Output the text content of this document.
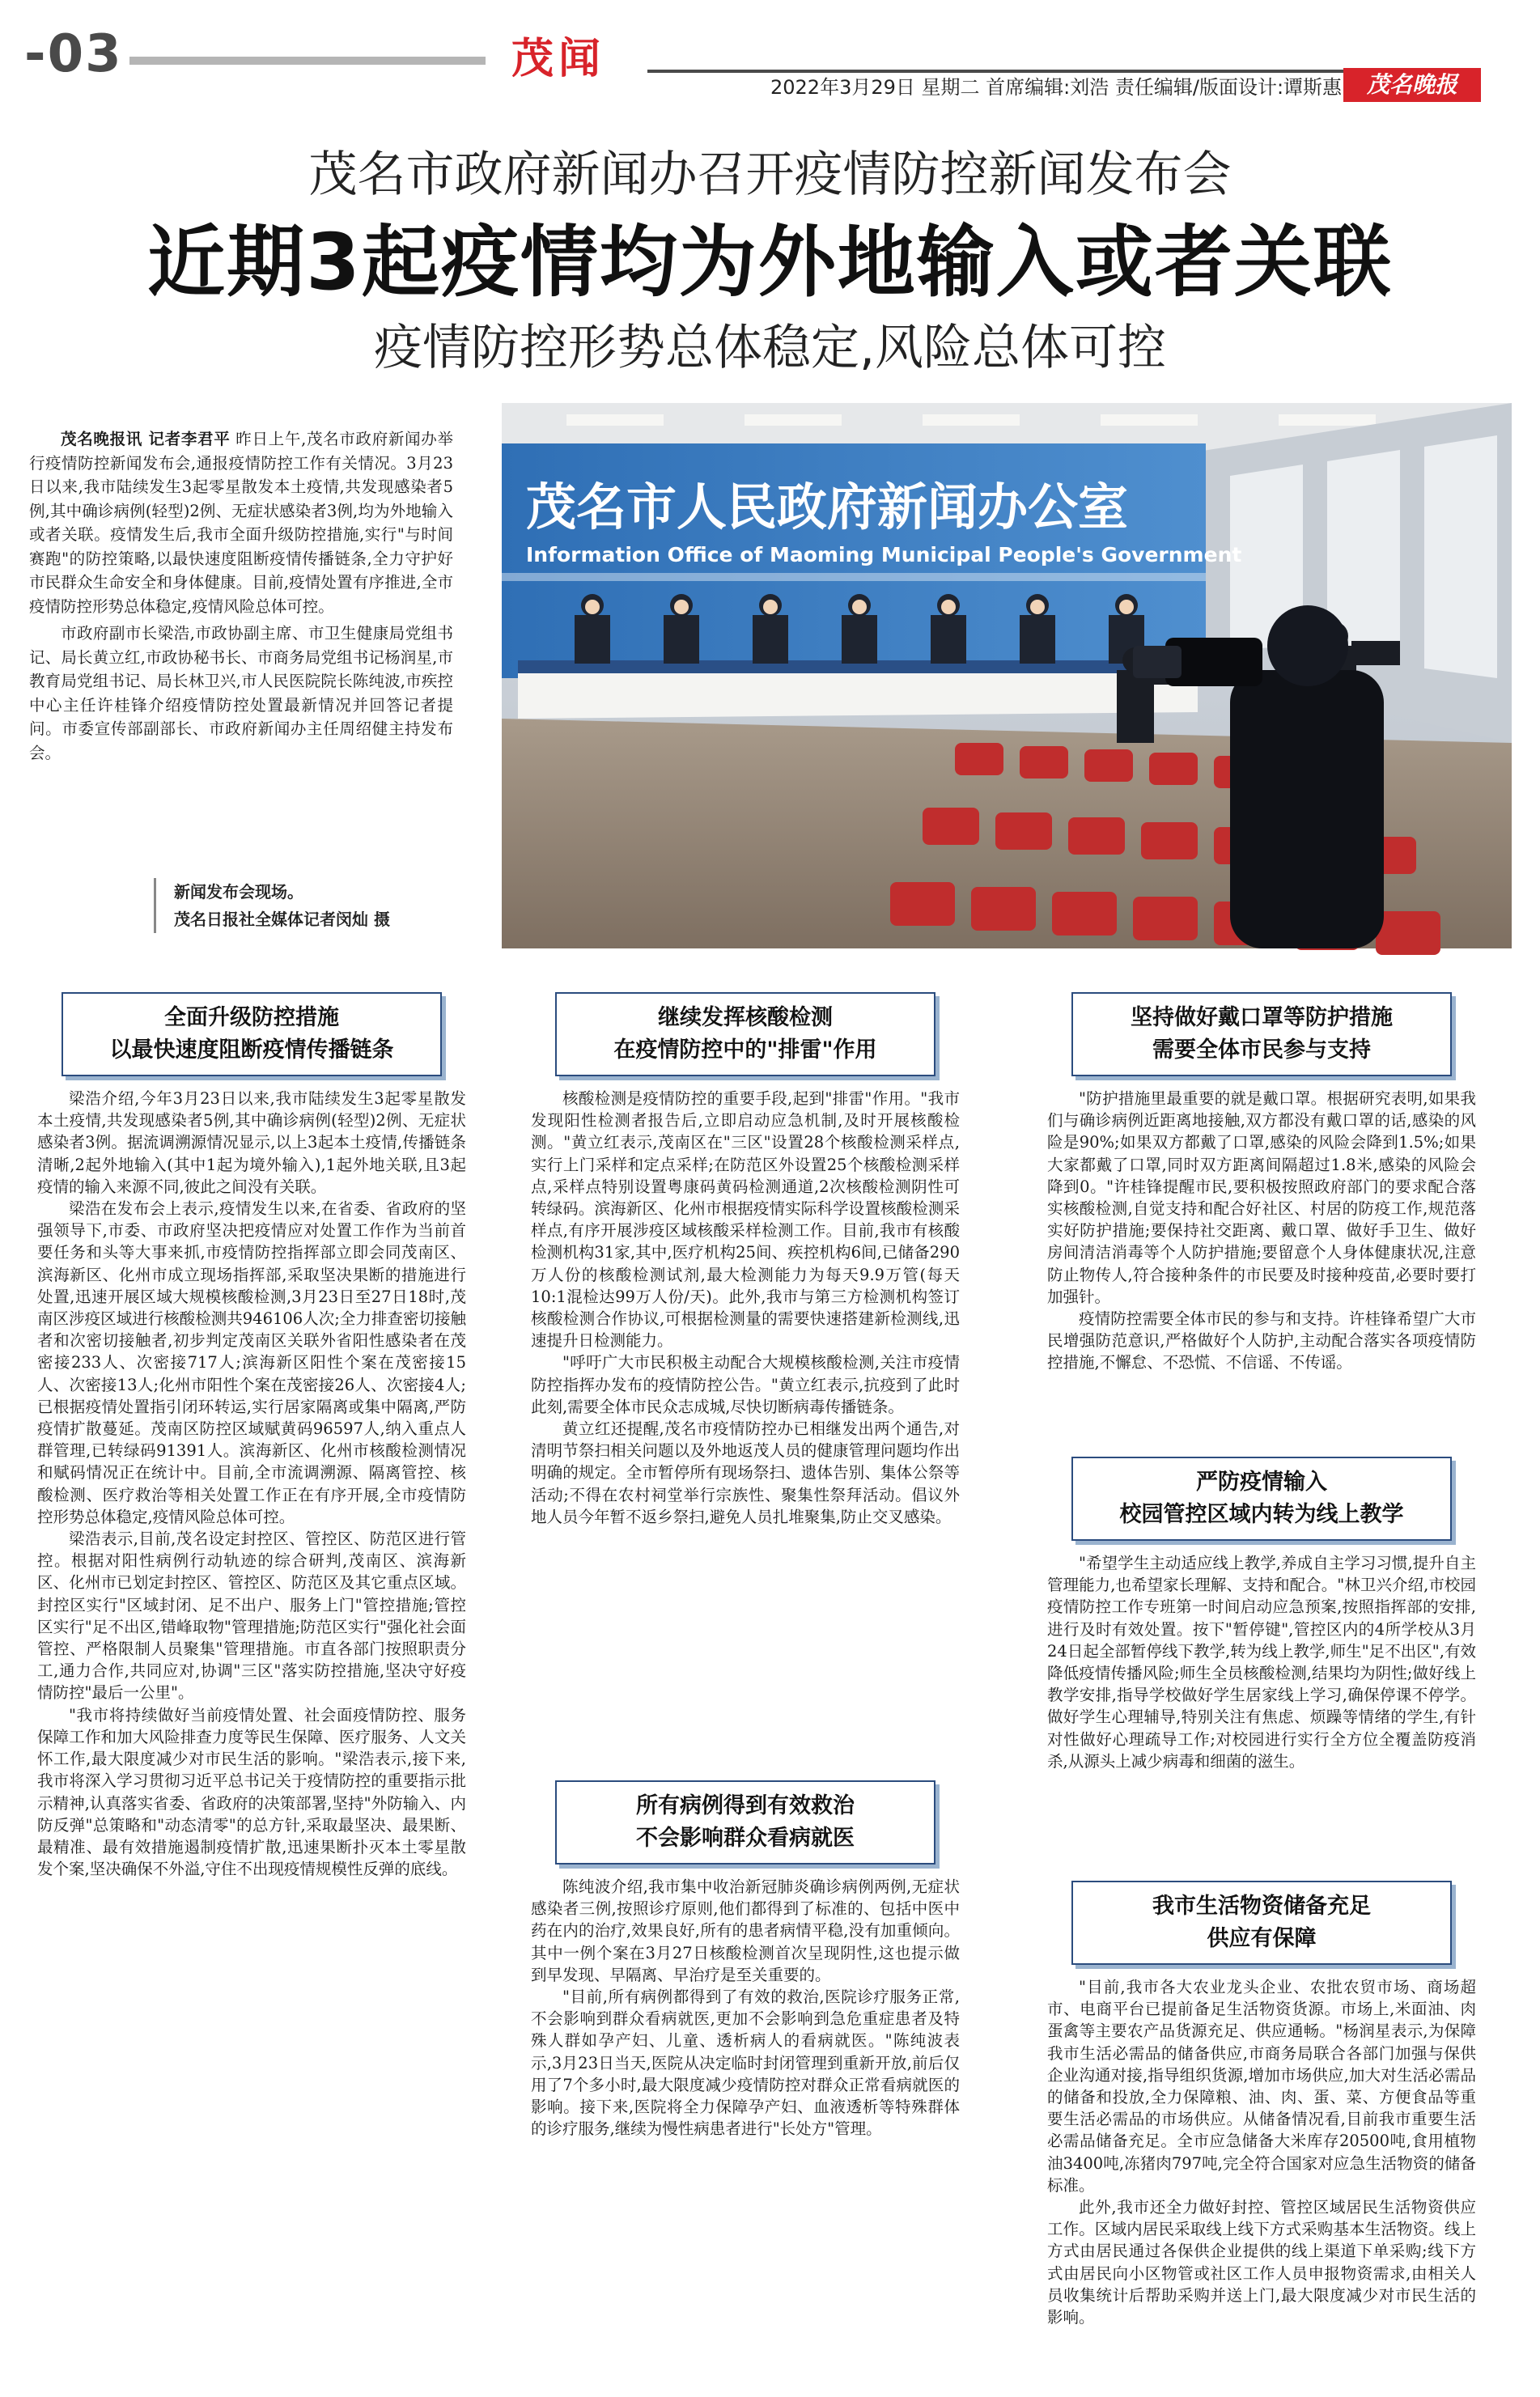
-03	茂闻
2022年3月29日 星期二 首席编辑:刘浩 责任编辑/版面设计:谭斯惠	茂名晚报
茂名市政府新闻办召开疫情防控新闻发布会
近期3起疫情均为外地输入或者关联
疫情防控形势总体稳定,风险总体可控

茂名晚报讯 记者李君平 昨日上午,茂名市政府新闻办举行疫情防控新闻发布会,通报疫情防控工作有关情况。3月23日以来,我市陆续发生3起零星散发本土疫情,共发现感染者5例,其中确诊病例(轻型)2例、无症状感染者3例,均为外地输入或者关联。疫情发生后,我市全面升级防控措施,实行"与时间赛跑"的防控策略,以最快速度阻断疫情传播链条,全力守护好市民群众生命安全和身体健康。目前,疫情处置有序推进,全市疫情防控形势总体稳定,疫情风险总体可控。

市政府副市长梁浩,市政协副主席、市卫生健康局党组书记、局长黄立红,市政协秘书长、市商务局党组书记杨润星,市教育局党组书记、局长林卫兴,市人民医院院长陈纯波,市疾控中心主任许桂锋介绍疫情防控处置最新情况并回答记者提问。市委宣传部副部长、市政府新闻办主任周绍健主持发布会。

茂名市人民政府新闻办公室
Information Office of Maoming Municipal People's Government
新闻发布会现场。
茂名日报社全媒体记者闵灿 摄
全面升级防控措施
以最快速度阻断疫情传播链条

梁浩介绍,今年3月23日以来,我市陆续发生3起零星散发本土疫情,共发现感染者5例,其中确诊病例(轻型)2例、无症状感染者3例。据流调溯源情况显示,以上3起本土疫情,传播链条清晰,2起外地输入(其中1起为境外输入),1起外地关联,且3起疫情的输入来源不同,彼此之间没有关联。

梁浩在发布会上表示,疫情发生以来,在省委、省政府的坚强领导下,市委、市政府坚决把疫情应对处置工作作为当前首要任务和头等大事来抓,市疫情防控指挥部立即会同茂南区、滨海新区、化州市成立现场指挥部,采取坚决果断的措施进行处置,迅速开展区域大规模核酸检测,3月23日至27日18时,茂南区涉疫区域进行核酸检测共946106人次;全力排查密切接触者和次密切接触者,初步判定茂南区关联外省阳性感染者在茂密接233人、次密接717人;滨海新区阳性个案在茂密接15人、次密接13人;化州市阳性个案在茂密接26人、次密接4人;已根据疫情处置指引闭环转运,实行居家隔离或集中隔离,严防疫情扩散蔓延。茂南区防控区域赋黄码96597人,纳入重点人群管理,已转绿码91391人。滨海新区、化州市核酸检测情况和赋码情况正在统计中。目前,全市流调溯源、隔离管控、核酸检测、医疗救治等相关处置工作正在有序开展,全市疫情防控形势总体稳定,疫情风险总体可控。

梁浩表示,目前,茂名设定封控区、管控区、防范区进行管控。根据对阳性病例行动轨迹的综合研判,茂南区、滨海新区、化州市已划定封控区、管控区、防范区及其它重点区域。封控区实行"区域封闭、足不出户、服务上门"管控措施;管控区实行"足不出区,错峰取物"管理措施;防范区实行"强化社会面管控、严格限制人员聚集"管理措施。市直各部门按照职责分工,通力合作,共同应对,协调"三区"落实防控措施,坚决守好疫情防控"最后一公里"。

"我市将持续做好当前疫情处置、社会面疫情防控、服务保障工作和加大风险排查力度等民生保障、医疗服务、人文关怀工作,最大限度减少对市民生活的影响。"梁浩表示,接下来,我市将深入学习贯彻习近平总书记关于疫情防控的重要指示批示精神,认真落实省委、省政府的决策部署,坚持"外防输入、内防反弹"总策略和"动态清零"的总方针,采取最坚决、最果断、最精准、最有效措施遏制疫情扩散,迅速果断扑灭本土零星散发个案,坚决确保不外溢,守住不出现疫情规模性反弹的底线。

继续发挥核酸检测
在疫情防控中的"排雷"作用

核酸检测是疫情防控的重要手段,起到"排雷"作用。"我市发现阳性检测者报告后,立即启动应急机制,及时开展核酸检测。"黄立红表示,茂南区在"三区"设置28个核酸检测采样点,实行上门采样和定点采样;在防范区外设置25个核酸检测采样点,采样点特别设置粤康码黄码检测通道,2次核酸检测阴性可转绿码。滨海新区、化州市根据疫情实际科学设置核酸检测采样点,有序开展涉疫区域核酸采样检测工作。目前,我市有核酸检测机构31家,其中,医疗机构25间、疾控机构6间,已储备290万人份的核酸检测试剂,最大检测能力为每天9.9万管(每天10:1混检达99万人份/天)。此外,我市与第三方检测机构签订核酸检测合作协议,可根据检测量的需要快速搭建新检测线,迅速提升日检测能力。

"呼吁广大市民积极主动配合大规模核酸检测,关注市疫情防控指挥办发布的疫情防控公告。"黄立红表示,抗疫到了此时此刻,需要全体市民众志成城,尽快切断病毒传播链条。

黄立红还提醒,茂名市疫情防控办已相继发出两个通告,对清明节祭扫相关问题以及外地返茂人员的健康管理问题均作出明确的规定。全市暂停所有现场祭扫、遗体告别、集体公祭等活动;不得在农村祠堂举行宗族性、聚集性祭拜活动。倡议外地人员今年暂不返乡祭扫,避免人员扎堆聚集,防止交叉感染。

所有病例得到有效救治
不会影响群众看病就医

陈纯波介绍,我市集中收治新冠肺炎确诊病例两例,无症状感染者三例,按照诊疗原则,他们都得到了标准的、包括中医中药在内的治疗,效果良好,所有的患者病情平稳,没有加重倾向。其中一例个案在3月27日核酸检测首次呈现阴性,这也提示做到早发现、早隔离、早治疗是至关重要的。

"目前,所有病例都得到了有效的救治,医院诊疗服务正常,不会影响到群众看病就医,更加不会影响到急危重症患者及特殊人群如孕产妇、儿童、透析病人的看病就医。"陈纯波表示,3月23日当天,医院从决定临时封闭管理到重新开放,前后仅用了7个多小时,最大限度减少疫情防控对群众正常看病就医的影响。接下来,医院将全力保障孕产妇、血液透析等特殊群体的诊疗服务,继续为慢性病患者进行"长处方"管理。

坚持做好戴口罩等防护措施
需要全体市民参与支持

"防护措施里最重要的就是戴口罩。根据研究表明,如果我们与确诊病例近距离地接触,双方都没有戴口罩的话,感染的风险是90%;如果双方都戴了口罩,感染的风险会降到1.5%;如果大家都戴了口罩,同时双方距离间隔超过1.8米,感染的风险会降到0。"许桂锋提醒市民,要积极按照政府部门的要求配合落实核酸检测,自觉支持和配合好社区、村居的防疫工作,规范落实好防护措施;要保持社交距离、戴口罩、做好手卫生、做好房间清洁消毒等个人防护措施;要留意个人身体健康状况,注意防止物传人,符合接种条件的市民要及时接种疫苗,必要时要打加强针。

疫情防控需要全体市民的参与和支持。许桂锋希望广大市民增强防范意识,严格做好个人防护,主动配合落实各项疫情防控措施,不懈怠、不恐慌、不信谣、不传谣。

严防疫情输入
校园管控区域内转为线上教学

"希望学生主动适应线上教学,养成自主学习习惯,提升自主管理能力,也希望家长理解、支持和配合。"林卫兴介绍,市校园疫情防控工作专班第一时间启动应急预案,按照指挥部的安排,进行及时有效处置。按下"暂停键",管控区内的4所学校从3月24日起全部暂停线下教学,转为线上教学,师生"足不出区",有效降低疫情传播风险;师生全员核酸检测,结果均为阴性;做好线上教学安排,指导学校做好学生居家线上学习,确保停课不停学。做好学生心理辅导,特别关注有焦虑、烦躁等情绪的学生,有针对性做好心理疏导工作;对校园进行实行全方位全覆盖防疫消杀,从源头上减少病毒和细菌的滋生。

我市生活物资储备充足
供应有保障

"目前,我市各大农业龙头企业、农批农贸市场、商场超市、电商平台已提前备足生活物资货源。市场上,米面油、肉蛋禽等主要农产品货源充足、供应通畅。"杨润星表示,为保障我市生活必需品的储备供应,市商务局联合各部门加强与保供企业沟通对接,指导组织货源,增加市场供应,加大对生活必需品的储备和投放,全力保障粮、油、肉、蛋、菜、方便食品等重要生活必需品的市场供应。从储备情况看,目前我市重要生活必需品储备充足。全市应急储备大米库存20500吨,食用植物油3400吨,冻猪肉797吨,完全符合国家对应急生活物资的储备标准。

此外,我市还全力做好封控、管控区域居民生活物资供应工作。区域内居民采取线上线下方式采购基本生活物资。线上方式由居民通过各保供企业提供的线上渠道下单采购;线下方式由居民向小区物管或社区工作人员申报物资需求,由相关人员收集统计后帮助采购并送上门,最大限度减少对市民生活的影响。
